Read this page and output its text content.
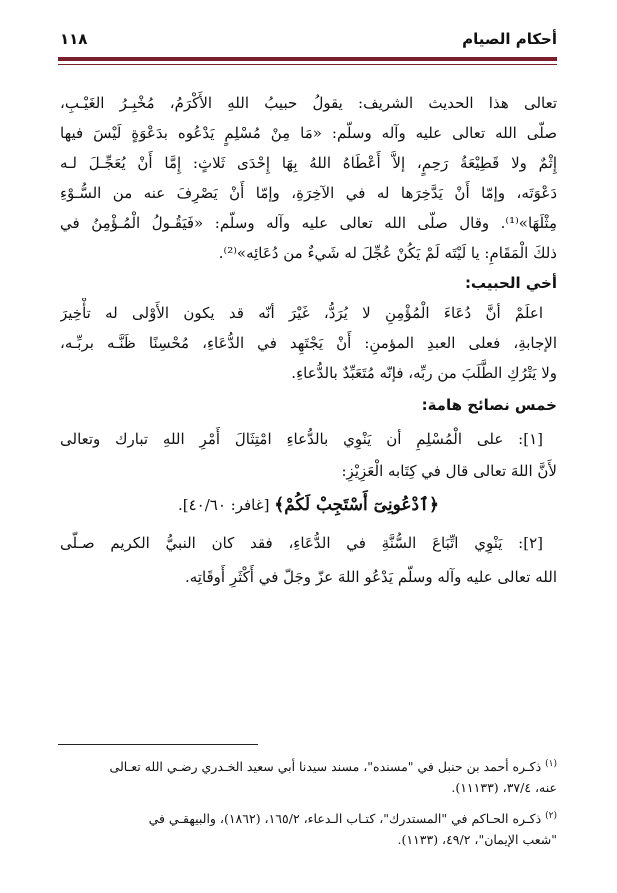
أحكام الصيام
١١٨
تعالى هذا الحديث الشريف: يقولُ حبيبُ اللهِ الأَكْرَمُ، مُخْبِـرُ الغَيْـبِ،
صلّى الله تعالى عليه وآله وسلّم: «مَا مِنْ مُسْلِمٍ يَدْعُوه بدَعْوَةٍ لَيْسَ فيها
إِثْمٌ ولا قَطِيْعَةُ رَحِمٍ، إلاَّ أَعْطَاهُ اللهُ بِهَا إِحْدَى ثَلاثٍ: إِمَّا أَنْ يُعَجِّـلَ لـه
دَعْوَتَه، وإمّا أَنْ يَدَّخِرَها له في الآخِرَةِ، وإمّا أَنْ يَصْرِفَ عنه من السُّـوْءِ
مِثْلَهَا»⁽¹⁾. وقال صلّى الله تعالى عليه وآله وسلّم: «فَيَقُـولُ الْمُـؤْمِنُ في
ذلكَ الْمَقَامِ: يا لَيْتَه لَمْ يَكُنْ عُجِّلَ له شَيءٌ من دُعَائِه»⁽²⁾.
أخي الحبيب:
اعلَمْ أنَّ دُعَاءَ الْمُؤْمِنِ لا يُرَدُّ، غَيْرَ أنّه قد يكون الأَوْلى له تأْخِيرَ
الإجابةِ، فعلى العبدِ المؤمنِ: أَنْ يَجْتَهِد في الدُّعَاءِ، مُحْسِنًا ظَنَّـه بربِّـه،
ولا يَتْرُكِ الطَّلَبَ من ربِّه، فإنّه مُتَعَبِّدٌ بالدُّعاءِ.
خمس نصائح هامة:
[١]: على الْمُسْلِمِ أن يَنْوِي بالدُّعاءِ امْتِثَالَ أَمْرِ اللهِ تبارك وتعالى
لأَنَّ اللهَ تعالى قال في كِتَابه الْعَزِيْزِ:
﴿ٱدْعُونِىٓ أَسْتَجِبْ لَكُمْ﴾ [غافر: ٤٠/٦٠].
[٢]: يَنْوِي اتِّبَاعَ السُّنَّةِ في الدُّعَاءِ، فقد كان النبيُّ الكريم صـلّى
الله تعالى عليه وآله وسلّم يَدْعُو اللهَ عزّ وجَلّ في أَكْثَرِ أَوقَاتِه.
$^{(١)}$ ذكـره أحمد بن حنبل في "مسنده"، مسند سيدنا أبي سعيد الخـدري رضـي الله تعـالى
عنه، ٣٧/٤، (١١١٣٣).
$^{(٢)}$ ذكـره الحـاكم في "المستدرك"، كتـاب الـدعاء، ١٦٥/٢، (١٨٦٢)، والبيهقـي في
"شعب الإيمان"، ٤٩/٢، (١١٣٣).
